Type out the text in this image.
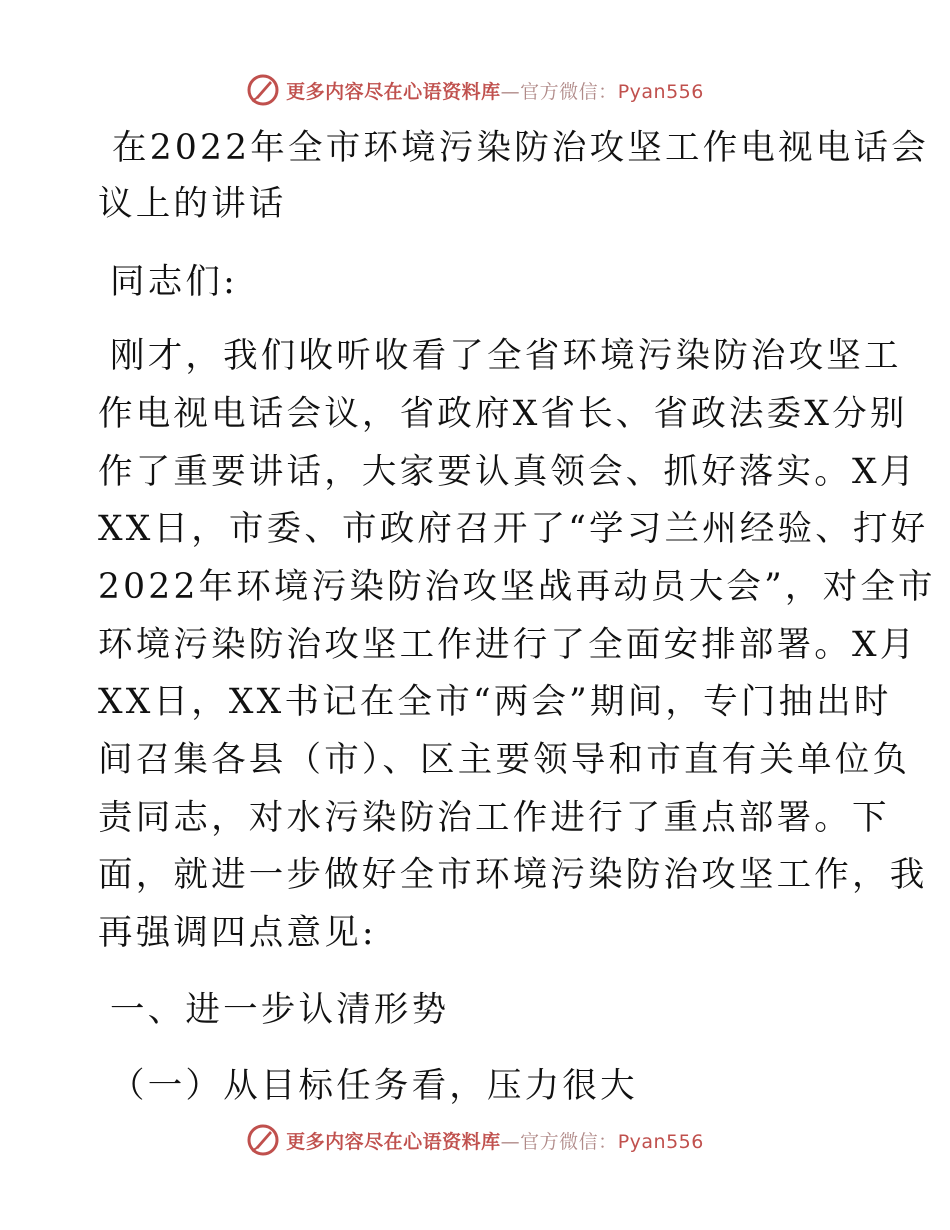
更多内容尽在心语资料库—官方微信：Pyan556
在2022年全市环境污染防治攻坚工作电视电话会
议上的讲话
同志们:
刚才，我们收听收看了全省环境污染防治攻坚工
作电视电话会议，省政府X省长、省政法委X分别
作了重要讲话，大家要认真领会、抓好落实。X月
XX日，市委、市政府召开了“学习兰州经验、打好
2022年环境污染防治攻坚战再动员大会”，对全市
环境污染防治攻坚工作进行了全面安排部署。X月
XX日，XX书记在全市“两会”期间，专门抽出时
间召集各县（市）、区主要领导和市直有关单位负
责同志，对水污染防治工作进行了重点部署。下
面，就进一步做好全市环境污染防治攻坚工作，我
再强调四点意见:
一、进一步认清形势
（一）从目标任务看，压力很大
更多内容尽在心语资料库—官方微信：Pyan556
